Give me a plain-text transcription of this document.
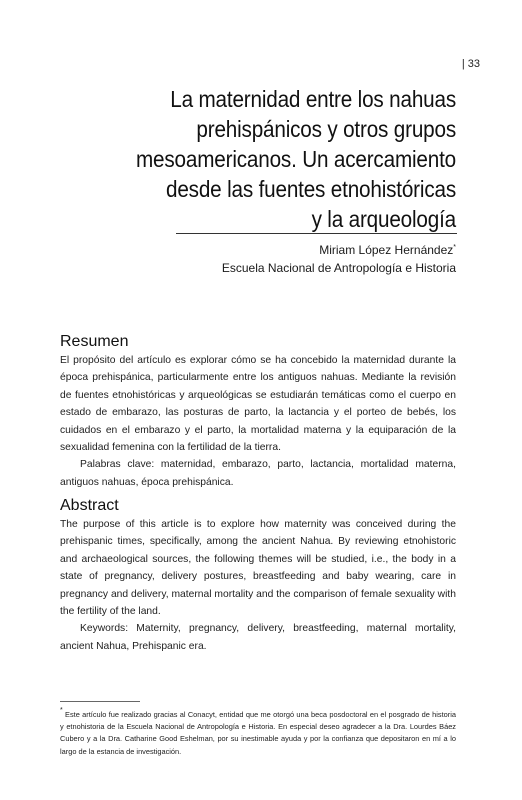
| 33
La maternidad entre los nahuas
prehispánicos y otros grupos
mesoamericanos. Un acercamiento
desde las fuentes etnohistóricas
y la arqueología
Miriam López Hernández*
Escuela Nacional de Antropología e Historia
Resumen

El propósito del artículo es explorar cómo se ha concebido la maternidad durante la época prehispánica, particularmente entre los antiguos nahuas. Mediante la revisión de fuentes etnohistóricas y arqueológicas se estudiarán temáticas como el cuerpo en estado de embarazo, las posturas de parto, la lactancia y el porteo de bebés, los cuidados en el embarazo y el parto, la mortalidad materna y la equiparación de la sexualidad femenina con la fertilidad de la tierra.

Palabras clave: maternidad, embarazo, parto, lactancia, mortalidad materna, antiguos nahuas, época prehispánica.

Abstract

The purpose of this article is to explore how maternity was conceived during the prehispanic times, specifically, among the ancient Nahua. By reviewing etnohistoric and archaeological sources, the following themes will be studied, i.e., the body in a state of pregnancy, delivery postures, breastfeeding and baby wearing, care in pregnancy and delivery, maternal mortality and the comparison of female sexuality with the fertility of the land.

Keywords: Maternity, pregnancy, delivery, breastfeeding, maternal mortality, ancient Nahua, Prehispanic era.

* Este artículo fue realizado gracias al Conacyt, entidad que me otorgó una beca posdoctoral en el posgrado de historia y etnohistoria de la Escuela Nacional de Antropología e Historia. En especial deseo agradecer a la Dra. Lourdes Báez Cubero y a la Dra. Catharine Good Eshelman, por su inestimable ayuda y por la confianza que depositaron en mí a lo largo de la estancia de investigación.
